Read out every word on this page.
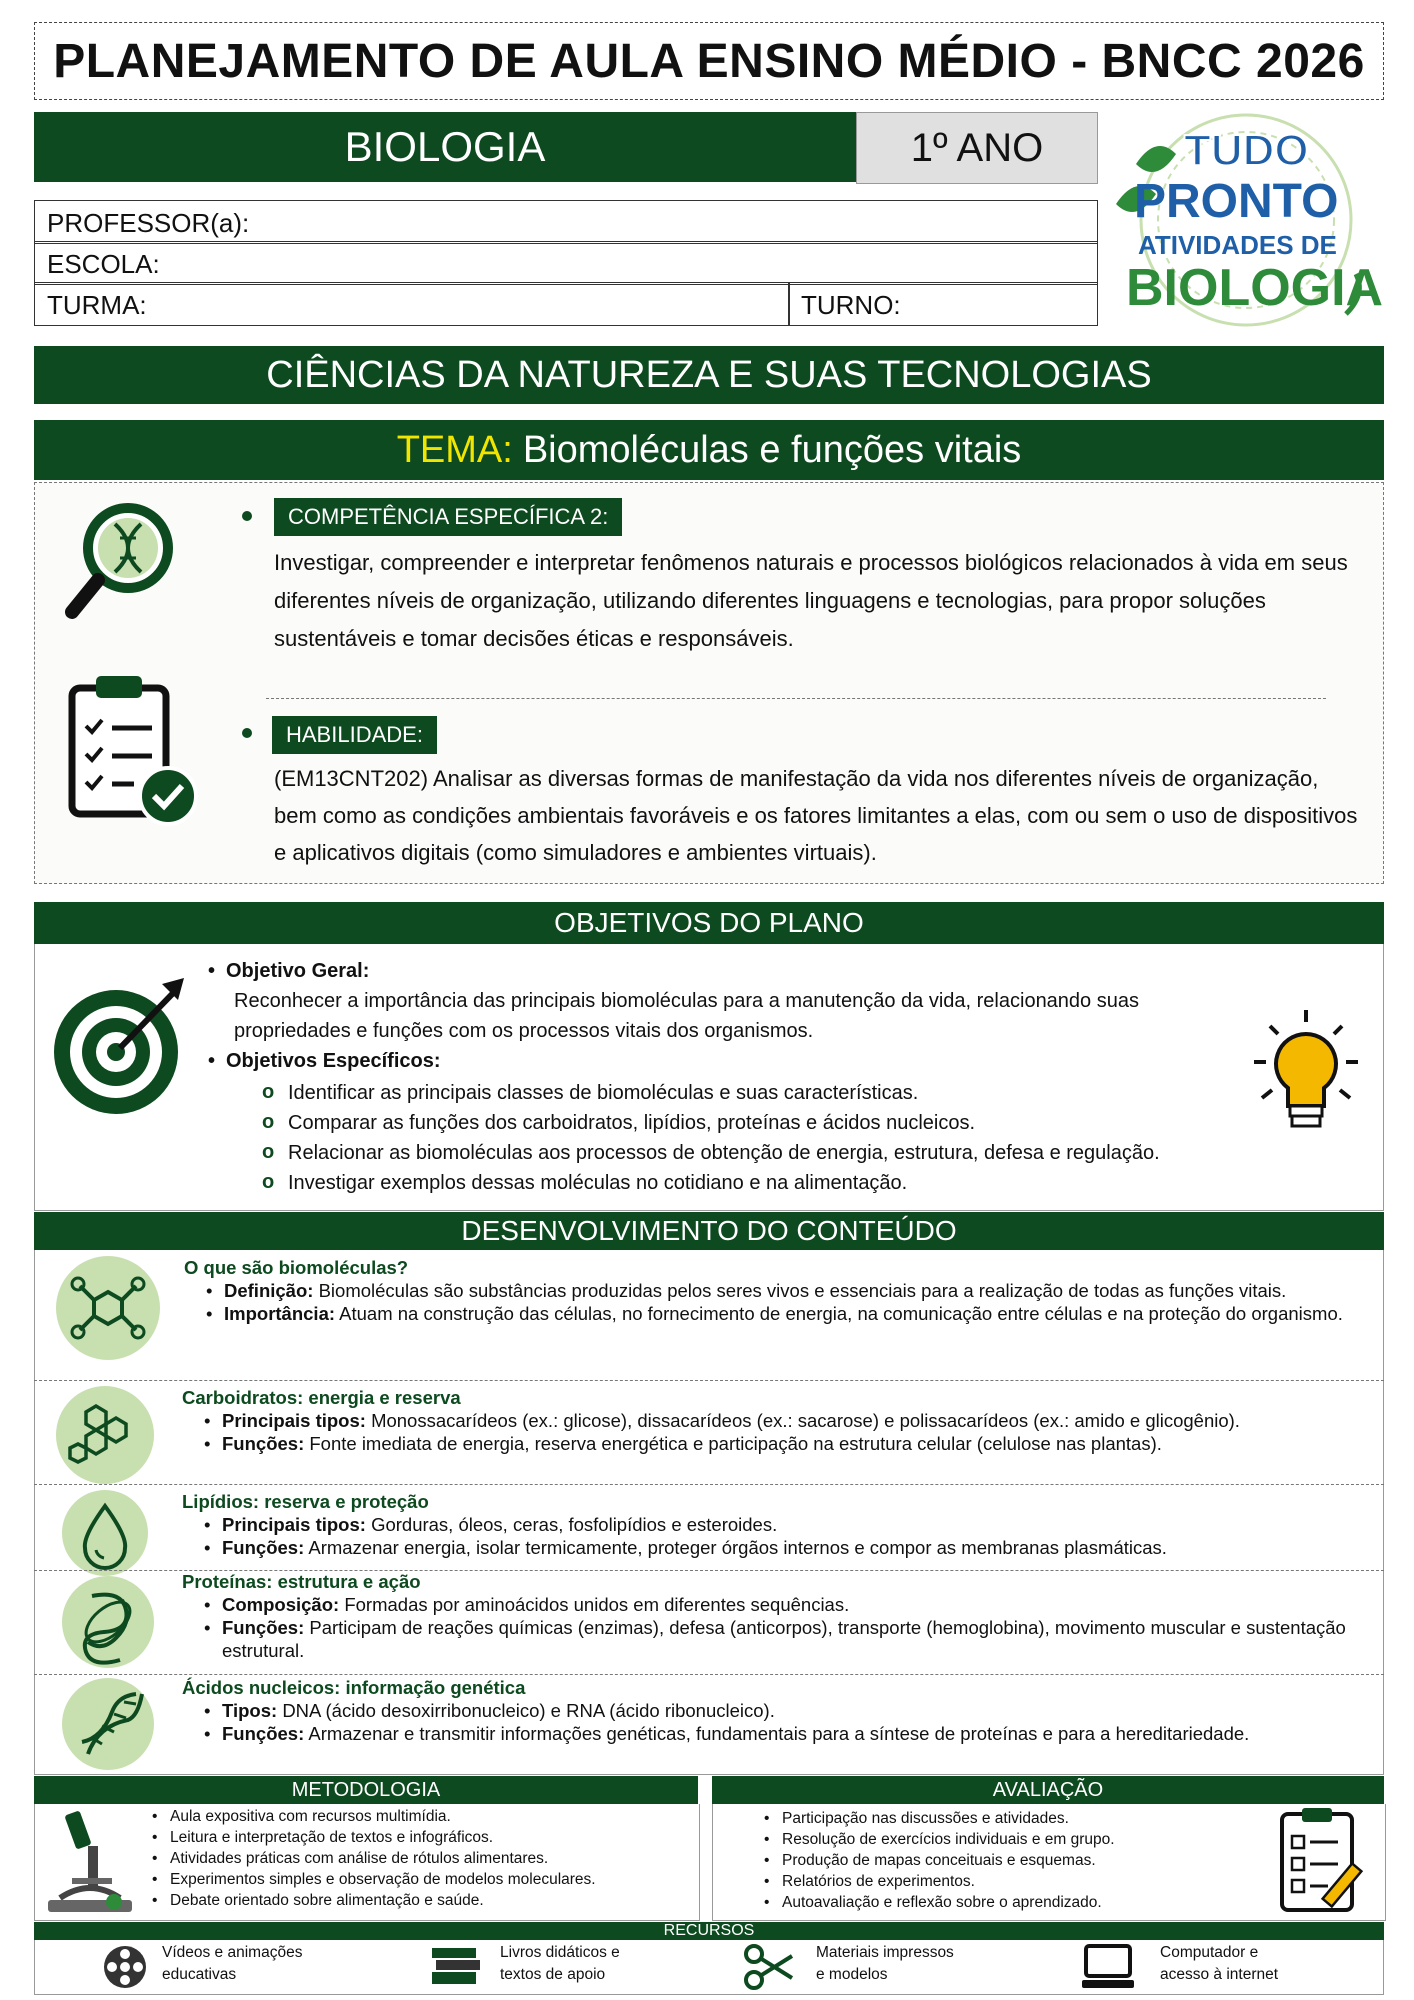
PLANEJAMENTO DE AULA ENSINO MÉDIO - BNCC 2026
BIOLOGIA	1º ANO
PROFESSOR(a):
ESCOLA:
TURMA:	TURNO:
TUDO
PRONTO
ATIVIDADES DE
BIOLOGIA
CIÊNCIAS DA NATUREZA E SUAS TECNOLOGIAS
TEMA: Biomoléculas e funções vitais
COMPETÊNCIA ESPECÍFICA 2:
Investigar, compreender e interpretar fenômenos naturais e processos biológicos relacionados à vida em seus diferentes níveis de organização, utilizando diferentes linguagens e tecnologias, para propor soluções sustentáveis e tomar decisões éticas e responsáveis.
HABILIDADE:
(EM13CNT202) Analisar as diversas formas de manifestação da vida nos diferentes níveis de organização, bem como as condições ambientais favoráveis e os fatores limitantes a elas, com ou sem o uso de dispositivos e aplicativos digitais (como simuladores e ambientes virtuais).
OBJETIVOS DO PLANO
• Objetivo Geral:
Reconhecer a importância das principais biomoléculas para a manutenção da vida, relacionando suas propriedades e funções com os processos vitais dos organismos.
• Objetivos Específicos:
o Identificar as principais classes de biomoléculas e suas características.
o Comparar as funções dos carboidratos, lipídios, proteínas e ácidos nucleicos.
o Relacionar as biomoléculas aos processos de obtenção de energia, estrutura, defesa e regulação.
o Investigar exemplos dessas moléculas no cotidiano e na alimentação.
DESENVOLVIMENTO DO CONTEÚDO
O que são biomoléculas?
• Definição: Biomoléculas são substâncias produzidas pelos seres vivos e essenciais para a realização de todas as funções vitais.
• Importância: Atuam na construção das células, no fornecimento de energia, na comunicação entre células e na proteção do organismo.
Carboidratos: energia e reserva
• Principais tipos: Monossacarídeos (ex.: glicose), dissacarídeos (ex.: sacarose) e polissacarídeos (ex.: amido e glicogênio).
• Funções: Fonte imediata de energia, reserva energética e participação na estrutura celular (celulose nas plantas).
Lipídios: reserva e proteção
• Principais tipos: Gorduras, óleos, ceras, fosfolipídios e esteroides.
• Funções: Armazenar energia, isolar termicamente, proteger órgãos internos e compor as membranas plasmáticas.
Proteínas: estrutura e ação
• Composição: Formadas por aminoácidos unidos em diferentes sequências.
• Funções: Participam de reações químicas (enzimas), defesa (anticorpos), transporte (hemoglobina), movimento muscular e sustentação estrutural.
Ácidos nucleicos: informação genética
• Tipos: DNA (ácido desoxirribonucleico) e RNA (ácido ribonucleico).
• Funções: Armazenar e transmitir informações genéticas, fundamentais para a síntese de proteínas e para a hereditariedade.
METODOLOGIA
• Aula expositiva com recursos multimídia.
• Leitura e interpretação de textos e infográficos.
• Atividades práticas com análise de rótulos alimentares.
• Experimentos simples e observação de modelos moleculares.
• Debate orientado sobre alimentação e saúde.
AVALIAÇÃO
• Participação nas discussões e atividades.
• Resolução de exercícios individuais e em grupo.
• Produção de mapas conceituais e esquemas.
• Relatórios de experimentos.
• Autoavaliação e reflexão sobre o aprendizado.
RECURSOS
Vídeos e animações
educativas
Livros didáticos e
textos de apoio
Materiais impressos
e modelos
Computador e
acesso à internet
